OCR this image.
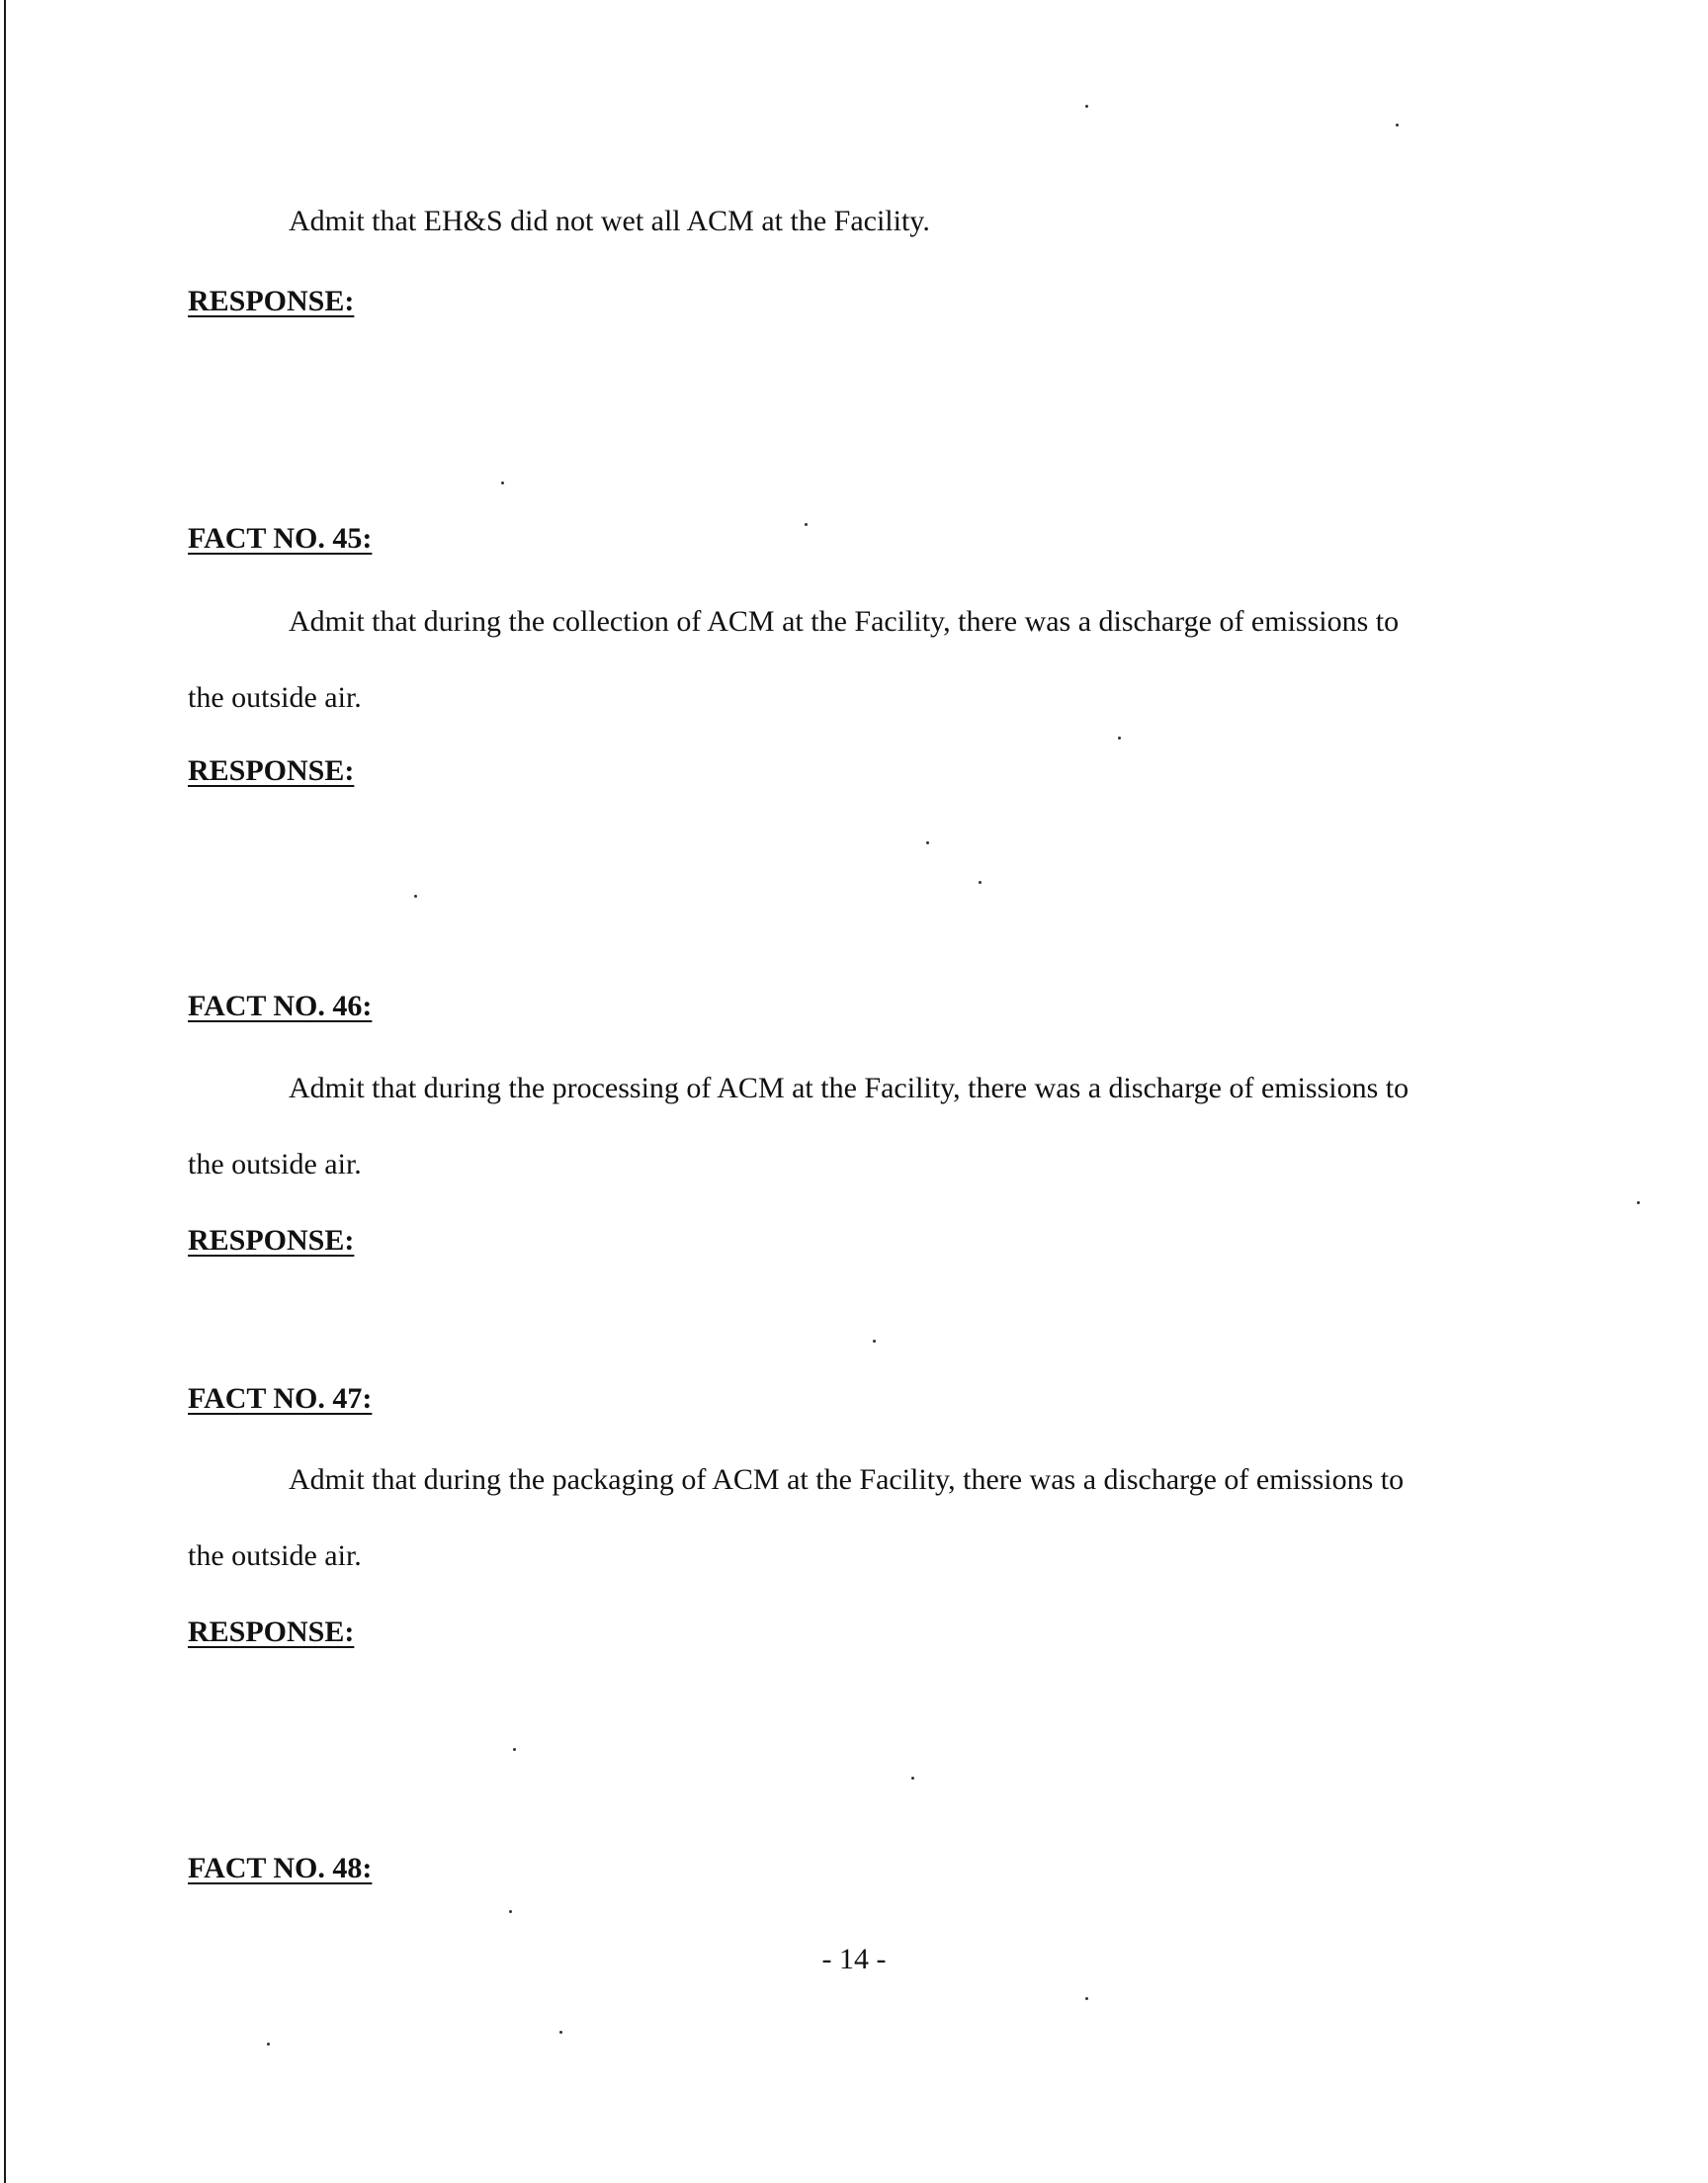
Admit that EH&S did not wet all ACM at the Facility.
RESPONSE:
FACT NO. 45:
Admit that during the collection of ACM at the Facility, there was a discharge of emissions to the outside air.
RESPONSE:
FACT NO. 46:
Admit that during the processing of ACM at the Facility, there was a discharge of emissions to the outside air.
RESPONSE:
FACT NO. 47:
Admit that during the packaging of ACM at the Facility, there was a discharge of emissions to the outside air.
RESPONSE:
FACT NO. 48:
- 14 -
